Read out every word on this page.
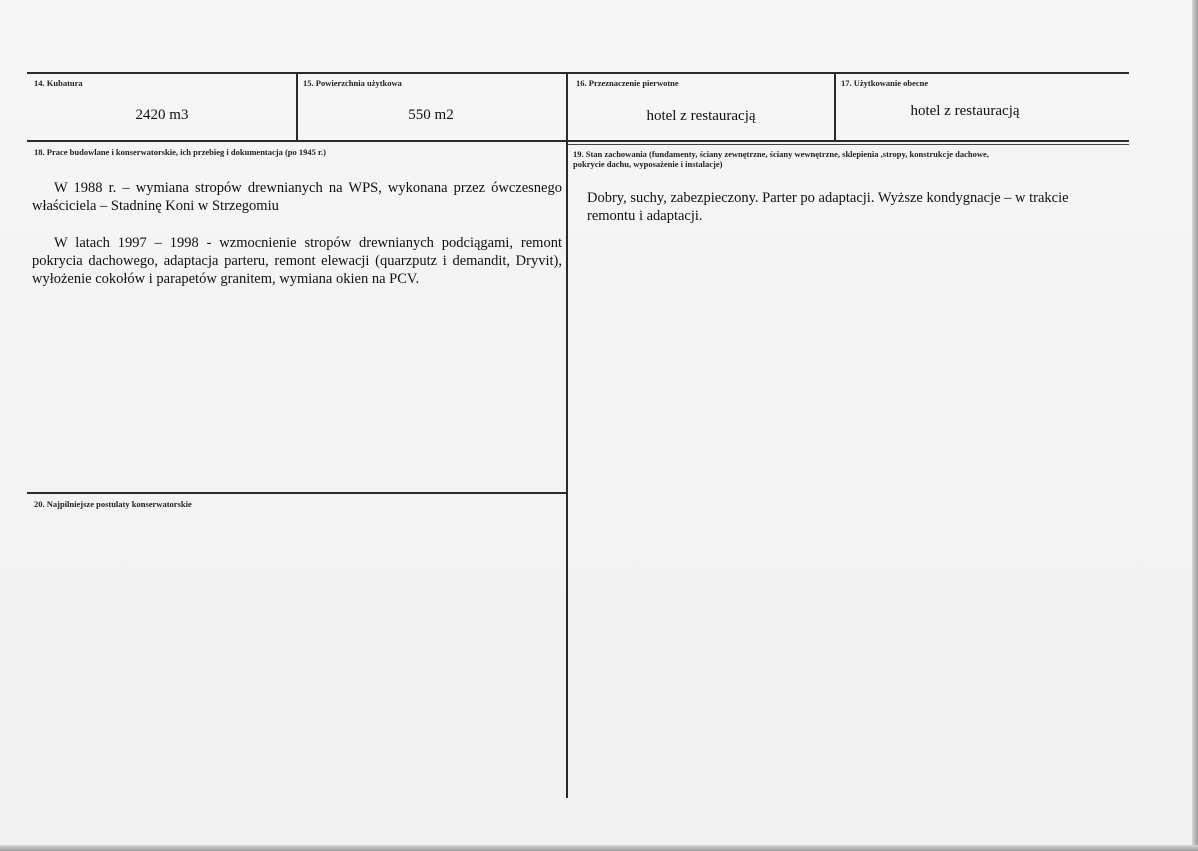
14. Kubatura
2420 m3
15. Powierzchnia użytkowa
550 m2
16. Przeznaczenie pierwotne
hotel z restauracją
17. Użytkowanie obecne
hotel z restauracją
18. Prace budowlane i konserwatorskie, ich przebieg i dokumentacja (po 1945 r.)

W 1988 r. – wymiana stropów drewnianych na WPS, wykonana przez ówczesnego właściciela – Stadninę Koni w Strzegomiu

W latach 1997 – 1998 - wzmocnienie stropów drewnianych podciągami, remont pokrycia dachowego, adaptacja parteru, remont elewacji (quarzputz i demandit, Dryvit), wyłożenie cokołów i parapetów granitem, wymiana okien na PCV.

19. Stan zachowania (fundamenty, ściany zewnętrzne, ściany wewnętrzne, sklepienia ,stropy, konstrukcje dachowe,
pokrycie dachu, wyposażenie i instalacje)

Dobry, suchy, zabezpieczony. Parter po adaptacji. Wyższe kondygnacje – w trakcie remontu i adaptacji.

20. Najpilniejsze postulaty konserwatorskie
